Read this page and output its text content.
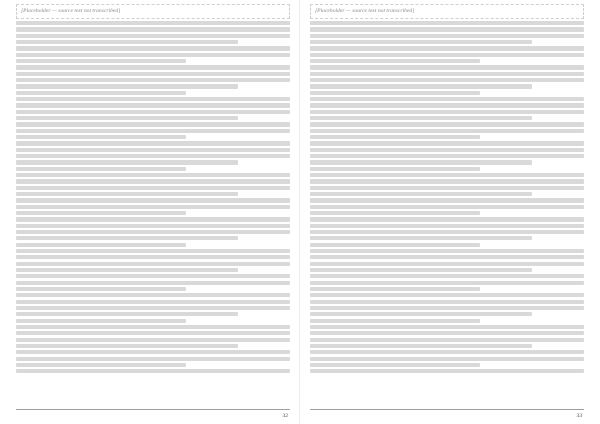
[Placeholder — source text not transcribed]

32

[Placeholder — source text not transcribed]

33
